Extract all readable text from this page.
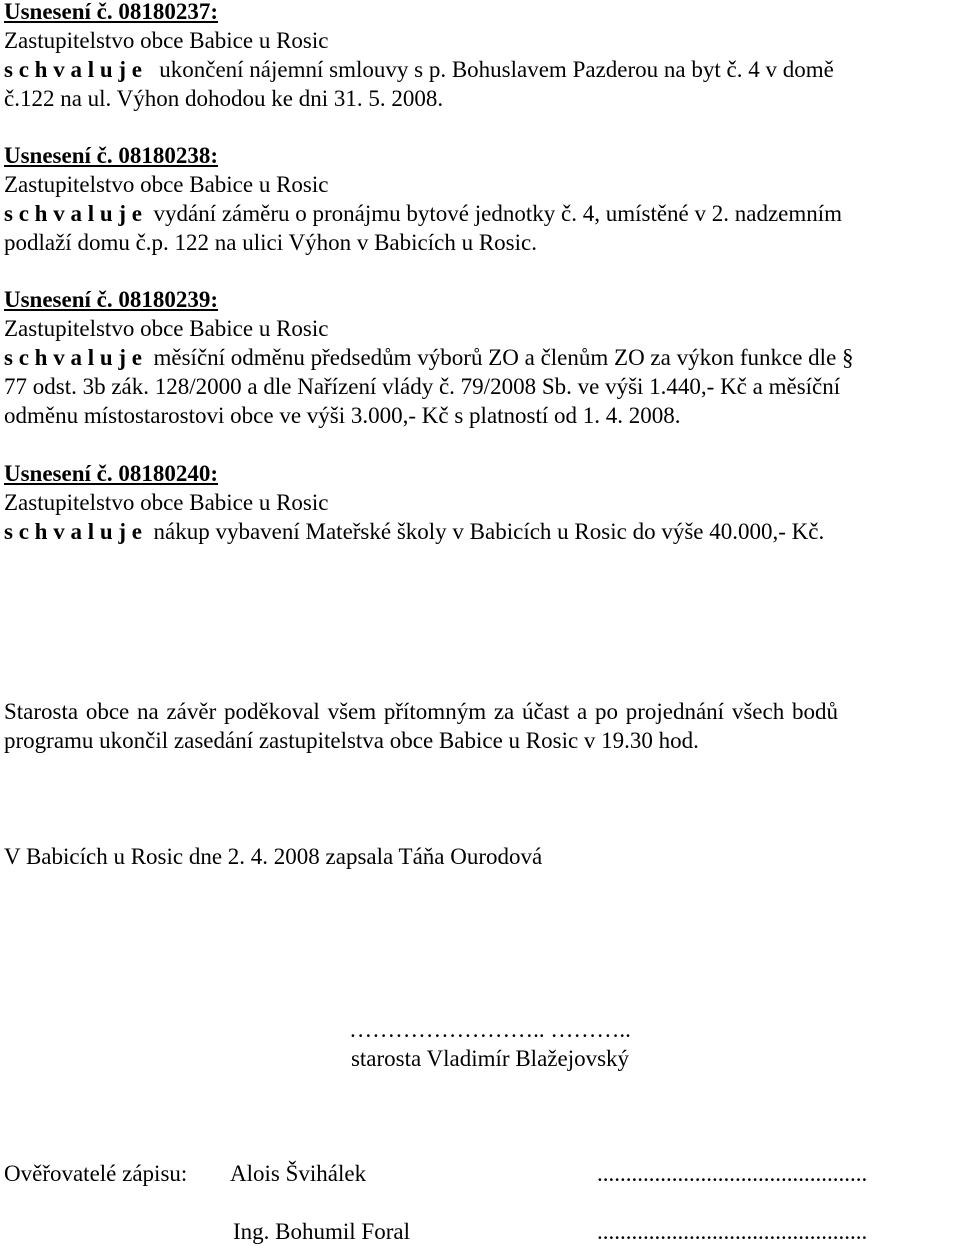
Usnesení č. 08180237:
Zastupitelstvo obce Babice u Rosic
s c h v a l u j e ukončení nájemní smlouvy s p. Bohuslavem Pazderou na byt č. 4 v domě
č.122 na ul. Výhon dohodou ke dni 31. 5. 2008.
Usnesení č. 08180238:
Zastupitelstvo obce Babice u Rosic
s c h v a l u j e vydání záměru o pronájmu bytové jednotky č. 4, umístěné v 2. nadzemním
podlaží domu č.p. 122 na ulici Výhon v Babicích u Rosic.
Usnesení č. 08180239:
Zastupitelstvo obce Babice u Rosic
s c h v a l u j e měsíční odměnu předsedům výborů ZO a členům ZO za výkon funkce dle §
77 odst. 3b zák. 128/2000 a dle Nařízení vlády č. 79/2008 Sb. ve výši 1.440,- Kč a měsíční
odměnu místostarostovi obce ve výši 3.000,- Kč s platností od 1. 4. 2008.
Usnesení č. 08180240:
Zastupitelstvo obce Babice u Rosic
s c h v a l u j e nákup vybavení Mateřské školy v Babicích u Rosic do výše 40.000,- Kč.
Starosta obce na závěr poděkoval všem přítomným za účast a po projednání všech bodů
programu ukončil zasedání zastupitelstva obce Babice u Rosic v 19.30 hod.
V Babicích u Rosic dne 2. 4. 2008 zapsala Táňa Ourodová
…………………….. ………..
starosta Vladimír Blažejovský
Ověřovatelé zápisu: Alois Švihálek	...............................................
Ing. Bohumil Foral	...............................................
